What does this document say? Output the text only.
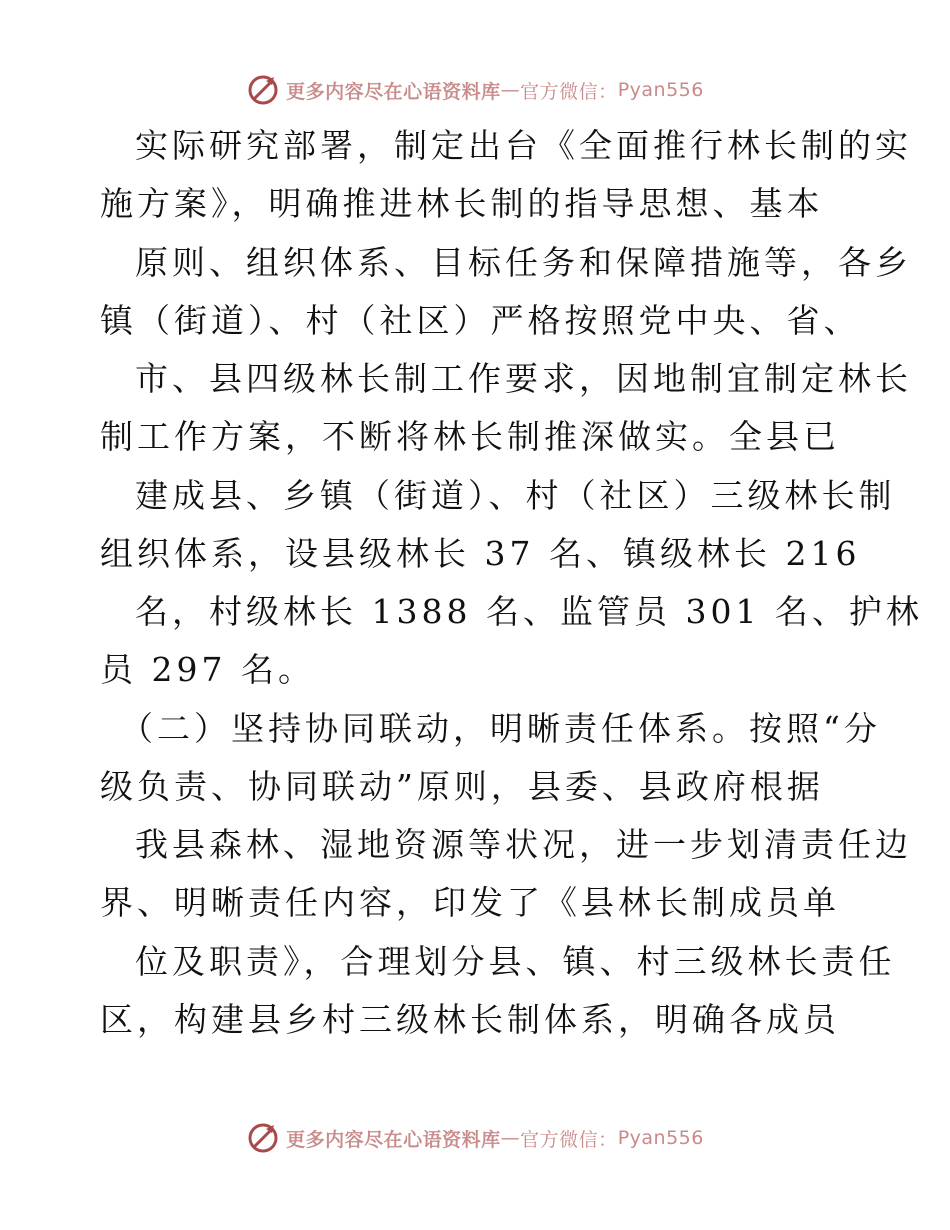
更多内容尽在心语资料库 — 官方微信： Pyan556
实际研究部署，制定出台《全面推行林长制的实
施方案》，明确推进林长制的指导思想、基本
原则、组织体系、目标任务和保障措施等，各乡
镇（街道）、村（社区）严格按照党中央、省、
市、县四级林长制工作要求，因地制宜制定林长
制工作方案，不断将林长制推深做实。全县已
建成县、乡镇（街道）、村（社区）三级林长制
组织体系，设县级林长 37 名、镇级林长 216
名，村级林长 1388 名、监管员 301 名、护林
员 297 名。
（二）坚持协同联动，明晰责任体系。按照“分
级负责、协同联动”原则，县委、县政府根据
我县森林、湿地资源等状况，进一步划清责任边
界、明晰责任内容，印发了《县林长制成员单
位及职责》，合理划分县、镇、村三级林长责任
区，构建县乡村三级林长制体系，明确各成员
更多内容尽在心语资料库 — 官方微信： Pyan556
